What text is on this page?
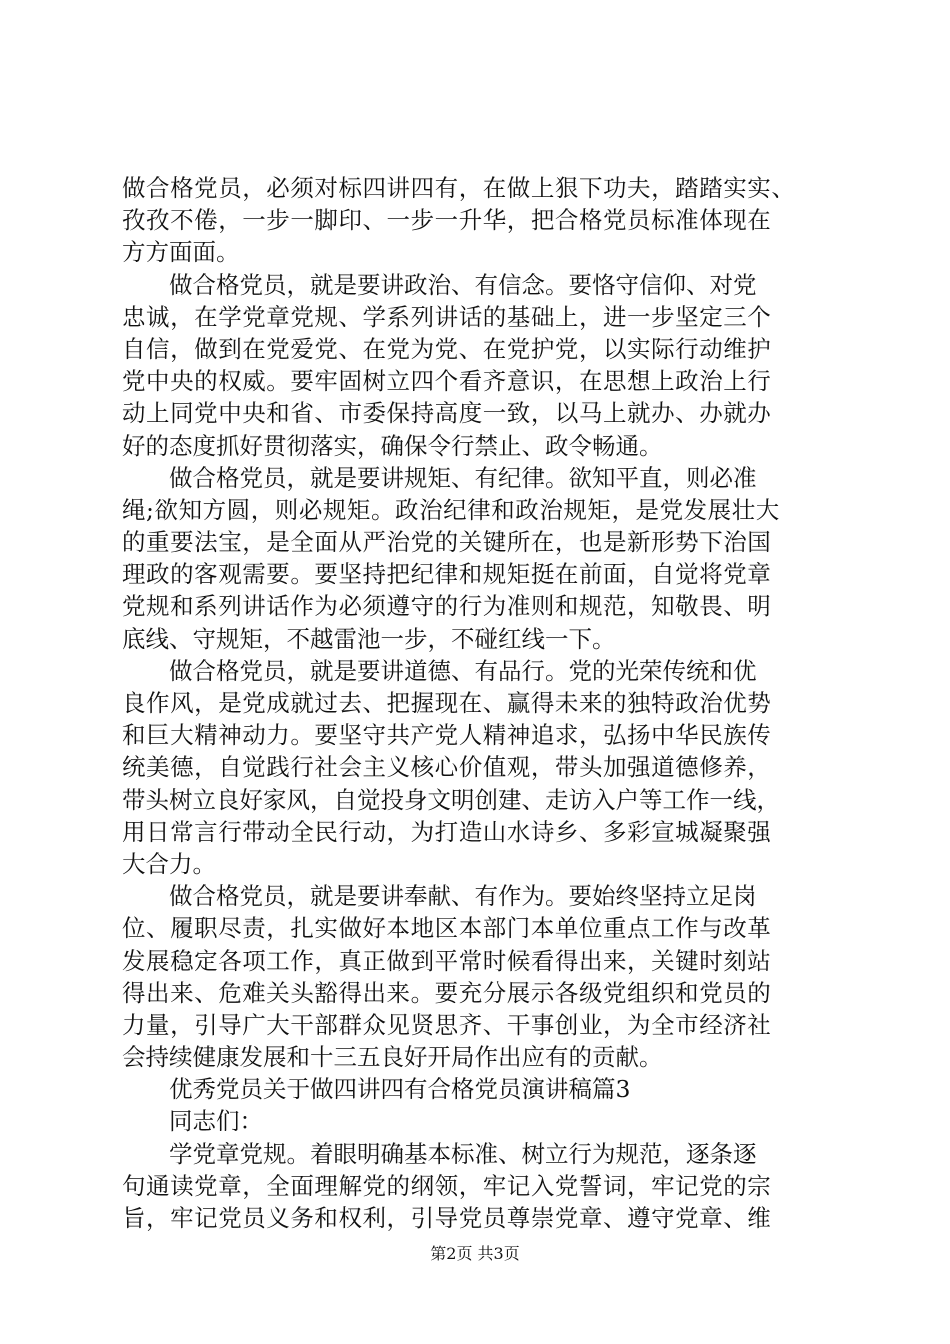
做合格党员，必须对标四讲四有，在做上狠下功夫，踏踏实实、
孜孜不倦，一步一脚印、一步一升华，把合格党员标准体现在
方方面面。
做合格党员，就是要讲政治、有信念。要恪守信仰、对党
忠诚，在学党章党规、学系列讲话的基础上，进一步坚定三个
自信，做到在党爱党、在党为党、在党护党，以实际行动维护
党中央的权威。要牢固树立四个看齐意识，在思想上政治上行
动上同党中央和省、市委保持高度一致，以马上就办、办就办
好的态度抓好贯彻落实，确保令行禁止、政令畅通。
做合格党员，就是要讲规矩、有纪律。欲知平直，则必准
绳;欲知方圆，则必规矩。政治纪律和政治规矩，是党发展壮大
的重要法宝，是全面从严治党的关键所在，也是新形势下治国
理政的客观需要。要坚持把纪律和规矩挺在前面，自觉将党章
党规和系列讲话作为必须遵守的行为准则和规范，知敬畏、明
底线、守规矩，不越雷池一步，不碰红线一下。
做合格党员，就是要讲道德、有品行。党的光荣传统和优
良作风，是党成就过去、把握现在、赢得未来的独特政治优势
和巨大精神动力。要坚守共产党人精神追求，弘扬中华民族传
统美德，自觉践行社会主义核心价值观，带头加强道德修养，
带头树立良好家风，自觉投身文明创建、走访入户等工作一线，
用日常言行带动全民行动，为打造山水诗乡、多彩宣城凝聚强
大合力。
做合格党员，就是要讲奉献、有作为。要始终坚持立足岗
位、履职尽责，扎实做好本地区本部门本单位重点工作与改革
发展稳定各项工作，真正做到平常时候看得出来，关键时刻站
得出来、危难关头豁得出来。要充分展示各级党组织和党员的
力量，引导广大干部群众见贤思齐、干事创业，为全市经济社
会持续健康发展和十三五良好开局作出应有的贡献。
优秀党员关于做四讲四有合格党员演讲稿篇3
同志们：
学党章党规。着眼明确基本标准、树立行为规范，逐条逐
句通读党章，全面理解党的纲领，牢记入党誓词，牢记党的宗
旨，牢记党员义务和权利，引导党员尊崇党章、遵守党章、维
第2页 共3页
